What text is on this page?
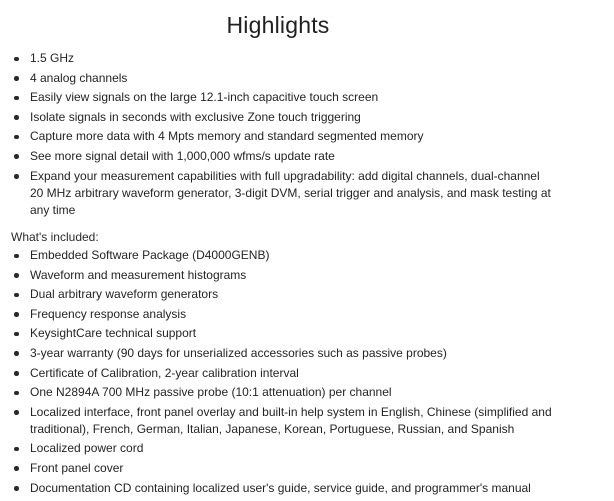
Highlights
1.5 GHz
4 analog channels
Easily view signals on the large 12.1-inch capacitive touch screen
Isolate signals in seconds with exclusive Zone touch triggering
Capture more data with 4 Mpts memory and standard segmented memory
See more signal detail with 1,000,000 wfms/s update rate
Expand your measurement capabilities with full upgradability: add digital channels, dual-channel 20 MHz arbitrary waveform generator, 3-digit DVM, serial trigger and analysis, and mask testing at any time

What's included:

Embedded Software Package (D4000GENB)
Waveform and measurement histograms
Dual arbitrary waveform generators
Frequency response analysis
KeysightCare technical support
3-year warranty (90 days for unserialized accessories such as passive probes)
Certificate of Calibration, 2-year calibration interval
One N2894A 700 MHz passive probe (10:1 attenuation) per channel
Localized interface, front panel overlay and built-in help system in English, Chinese (simplified and traditional), French, German, Italian, Japanese, Korean, Portuguese, Russian, and Spanish
Localized power cord
Front panel cover
Documentation CD containing localized user's guide, service guide, and programmer's manual
